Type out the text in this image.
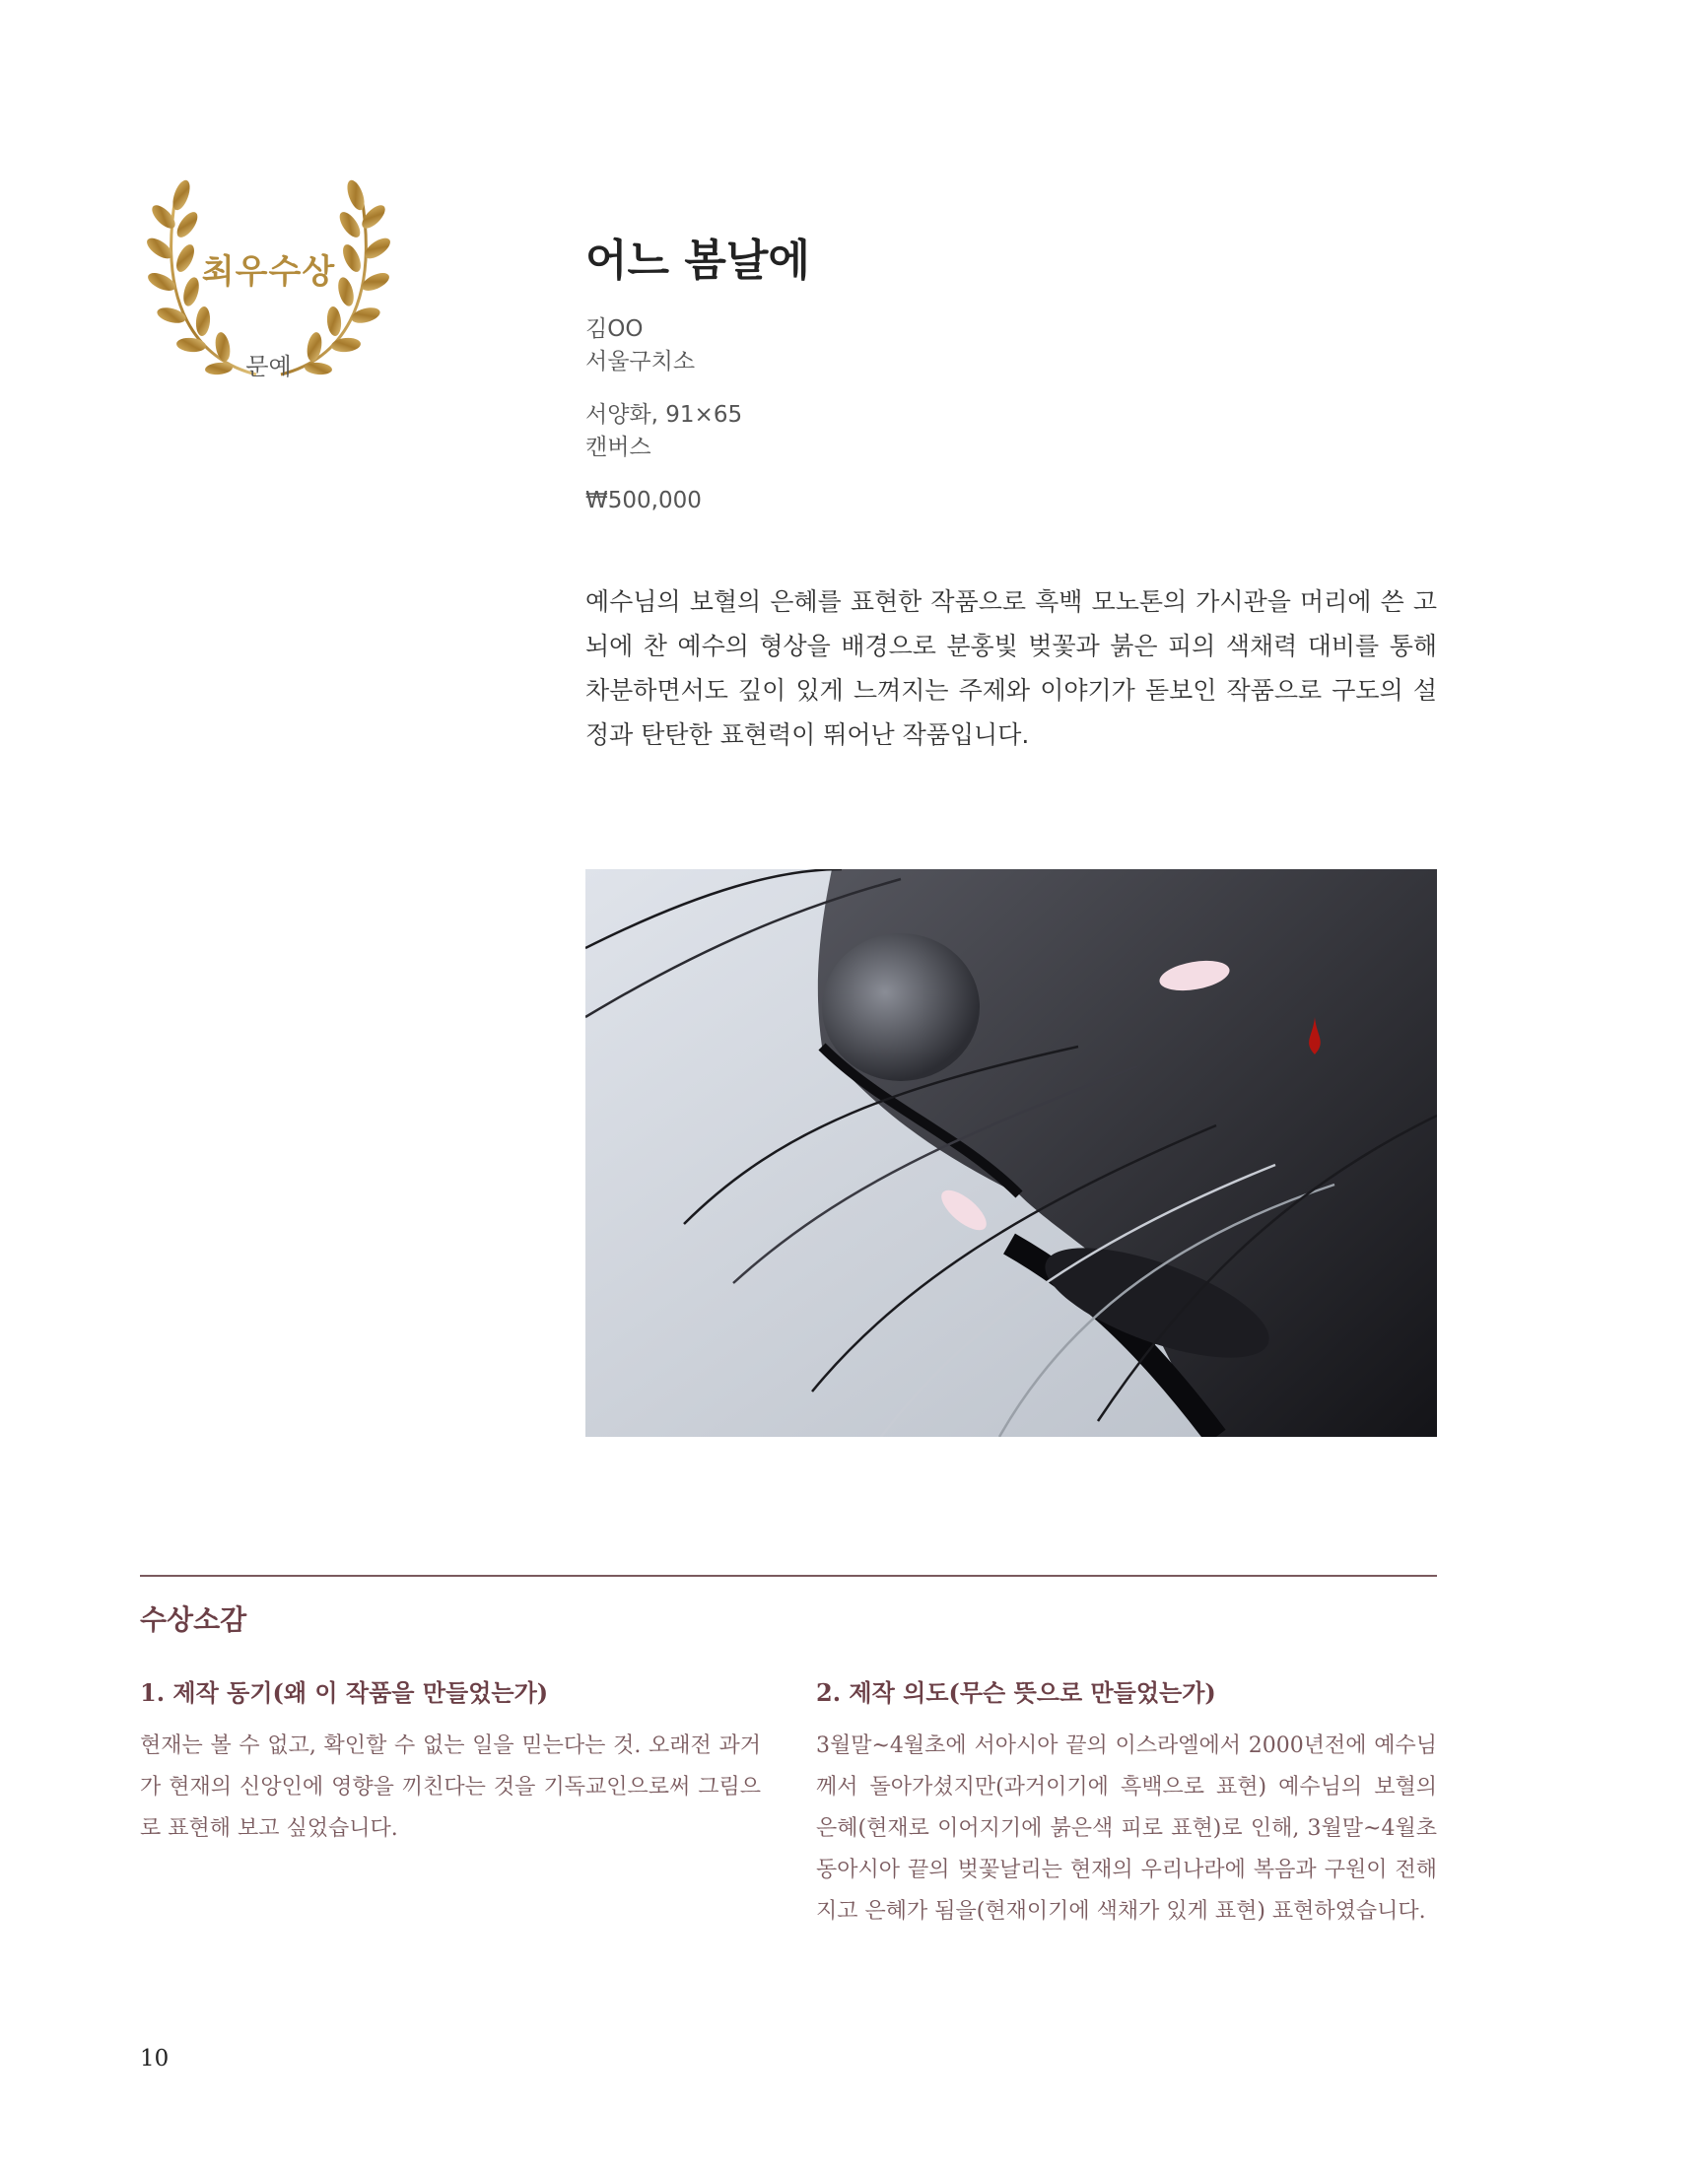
최우수상
문예
어느 봄날에
김OO
서울구치소
서양화, 91×65
캔버스
₩500,000

예수님의 보혈의 은혜를 표현한 작품으로 흑백 모노톤의 가시관을 머리에 쓴 고뇌에 찬 예수의 형상을 배경으로 분홍빛 벚꽃과 붉은 피의 색채력 대비를 통해 차분하면서도 깊이 있게 느껴지는 주제와 이야기가 돋보인 작품으로 구도의 설정과 탄탄한 표현력이 뛰어난 작품입니다.

수상소감
1. 제작 동기(왜 이 작품을 만들었는가)

현재는 볼 수 없고, 확인할 수 없는 일을 믿는다는 것. 오래전 과거가 현재의 신앙인에 영향을 끼친다는 것을 기독교인으로써 그림으로 표현해 보고 싶었습니다.

2. 제작 의도(무슨 뜻으로 만들었는가)

3월말~4월초에 서아시아 끝의 이스라엘에서 2000년전에 예수님께서 돌아가셨지만(과거이기에 흑백으로 표현) 예수님의 보혈의 은혜(현재로 이어지기에 붉은색 피로 표현)로 인해, 3월말~4월초 동아시아 끝의 벚꽃날리는 현재의 우리나라에 복음과 구원이 전해지고 은혜가 됨을(현재이기에 색채가 있게 표현) 표현하였습니다.

10
